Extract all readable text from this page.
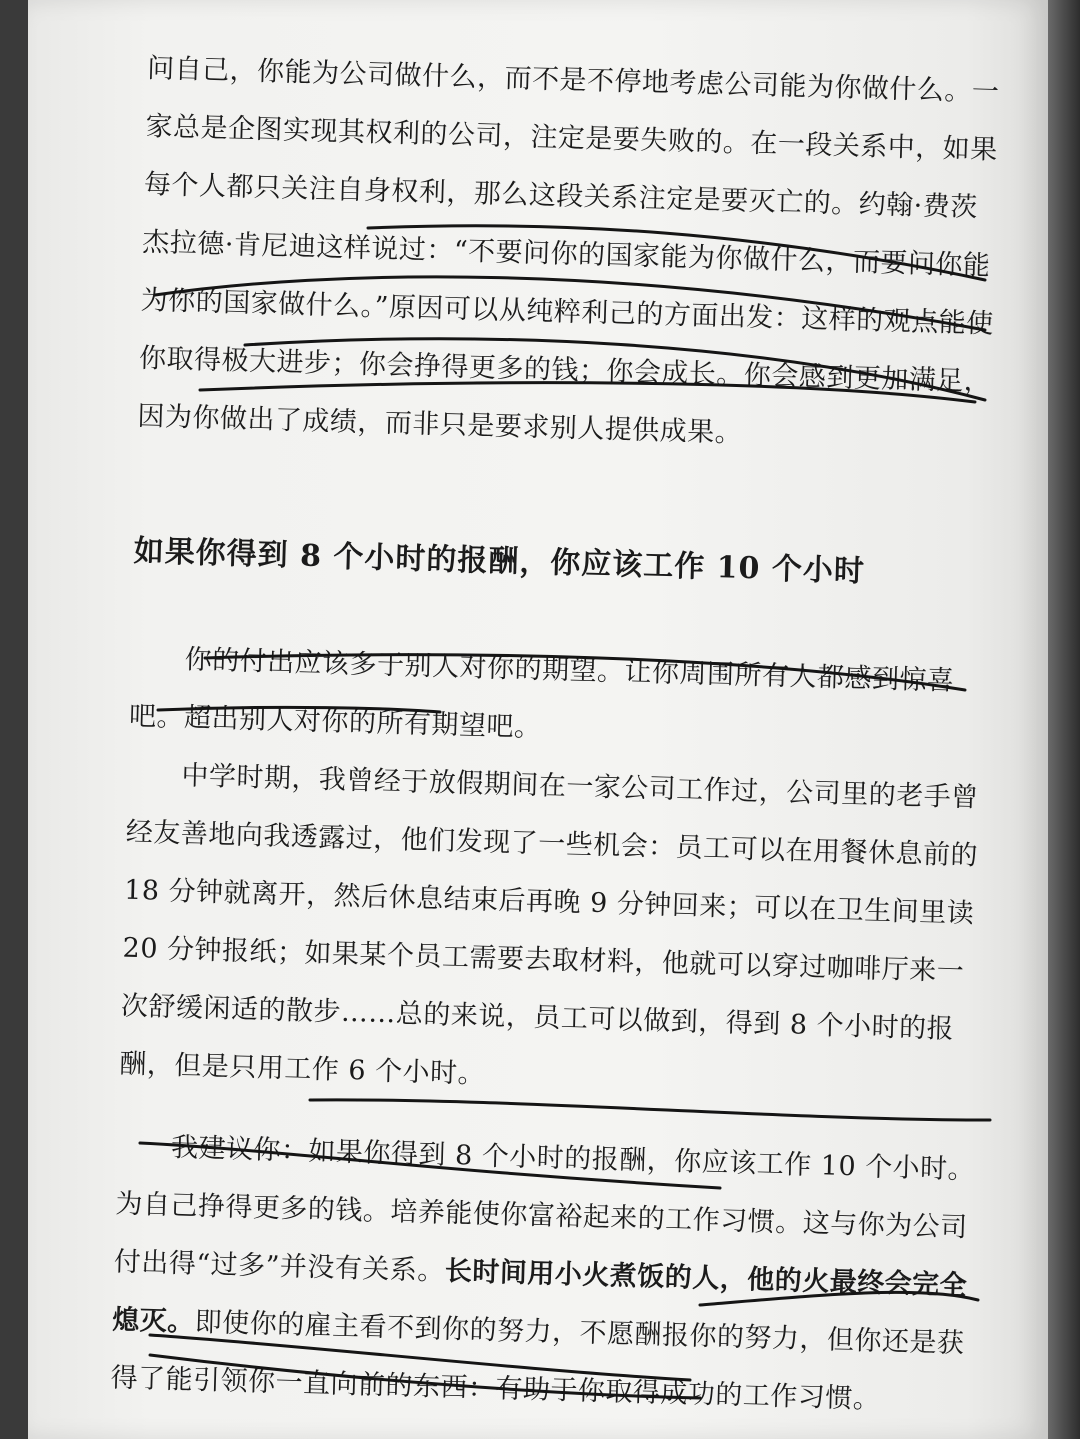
问自己，你能为公司做什么，而不是不停地考虑公司能为你做什么。一家总是企图实现其权利的公司，注定是要失败的。在一段关系中，如果每个人都只关注自身权利，那么这段关系注定是要灭亡的。约翰·费茨杰拉德·肯尼迪这样说过：“不要问你的国家能为你做什么，而要问你能为你的国家做什么。”原因可以从纯粹利己的方面出发：这样的观点能使你取得极大进步；你会挣得更多的钱；你会成长。你会感到更加满足，因为你做出了成绩，而非只是要求别人提供成果。

如果你得到 8 个小时的报酬，你应该工作 10 个小时

你的付出应该多于别人对你的期望。让你周围所有人都感到惊喜吧。超出别人对你的所有期望吧。

中学时期，我曾经于放假期间在一家公司工作过，公司里的老手曾经友善地向我透露过，他们发现了一些机会：员工可以在用餐休息前的 18 分钟就离开，然后休息结束后再晚 9 分钟回来；可以在卫生间里读 20 分钟报纸；如果某个员工需要去取材料，他就可以穿过咖啡厅来一次舒缓闲适的散步……总的来说，员工可以做到，得到 8 个小时的报酬，但是只用工作 6 个小时。

我建议你：如果你得到 8 个小时的报酬，你应该工作 10 个小时。为自己挣得更多的钱。培养能使你富裕起来的工作习惯。这与你为公司付出得“过多”并没有关系。长时间用小火煮饭的人，他的火最终会完全熄灭。即使你的雇主看不到你的努力，不愿酬报你的努力，但你还是获得了能引领你一直向前的东西：有助于你取得成功的工作习惯。
